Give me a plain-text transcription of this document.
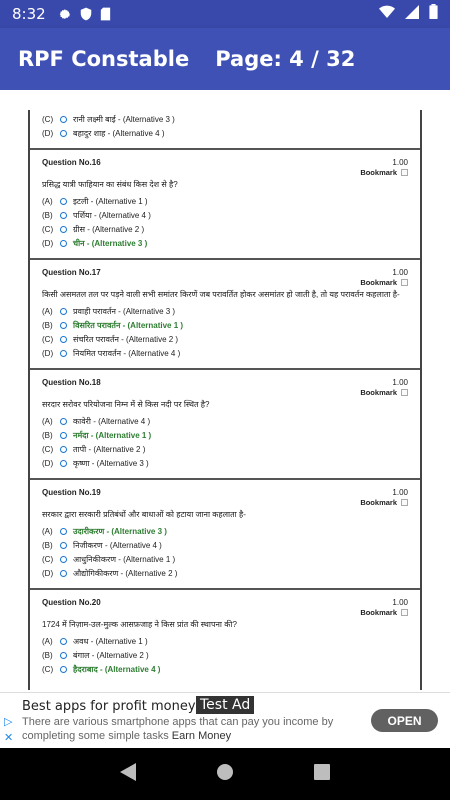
8:32
RPF Constable Page: 4 / 32
(C)	रानी लक्ष्मी बाई - (Alternative 3 )
(D)	बहादुर शाह - (Alternative 4 )
Question No.16	1.00
Bookmark
प्रसिद्ध यात्री फाहियान का संबंध किस देश से है?
(A)	इटली - (Alternative 1 )
(B)	पर्शिया - (Alternative 4 )
(C)	ग्रीस - (Alternative 2 )
(D)	चीन - (Alternative 3 )
Question No.17	1.00
Bookmark
किसी असमतल तल पर पड़ने वाली सभी समांतर किरणें जब परावर्तित होकर असमांतर हो जाती है, तो यह परावर्तन कहलाता है-
(A)	प्रवाही परावर्तन - (Alternative 3 )
(B)	विसरित परावर्तन - (Alternative 1 )
(C)	संचरित परावर्तन - (Alternative 2 )
(D)	नियमित परावर्तन - (Alternative 4 )
Question No.18	1.00
Bookmark
सरदार सरोवर परियोजना निम्न में से किस नदी पर स्थित है?
(A)	कावेरी - (Alternative 4 )
(B)	नर्मदा - (Alternative 1 )
(C)	तापी - (Alternative 2 )
(D)	कृष्णा - (Alternative 3 )
Question No.19	1.00
Bookmark
सरकार द्वारा सरकारी प्रतिबंधों और बाधाओं को हटाया जाना कहलाता है-
(A)	उदारीकरण - (Alternative 3 )
(B)	निजीकरण - (Alternative 4 )
(C)	आधुनिकीकरण - (Alternative 1 )
(D)	औद्योगिकीकरण - (Alternative 2 )
Question No.20	1.00
Bookmark
1724 में निज़ाम-उल-मुल्क आसफ़जाह ने किस प्रांत की स्थापना की?
(A)	अवध - (Alternative 1 )
(B)	बंगाल - (Alternative 2 )
(C)	हैदराबाद - (Alternative 4 )
▷
✕
Best apps for profit money Test Ad
There are various smartphone apps that can pay you income by completing some simple tasks Earn Money
OPEN
